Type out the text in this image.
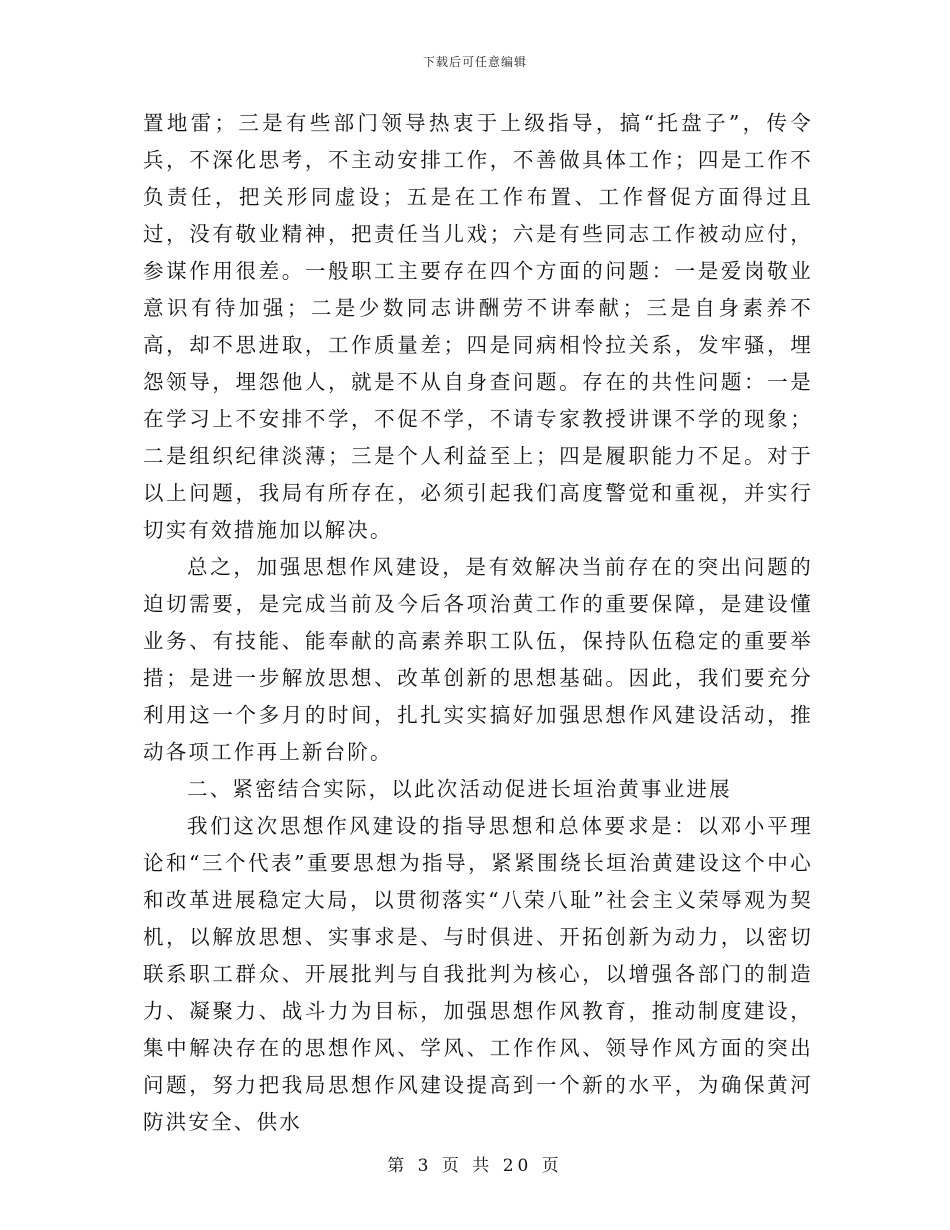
下载后可任意编辑

置地雷；三是有些部门领导热衷于上级指导，搞“托盘子”，传令兵，不深化思考，不主动安排工作，不善做具体工作；四是工作不负责任，把关形同虚设；五是在工作布置、工作督促方面得过且过，没有敬业精神，把责任当儿戏；六是有些同志工作被动应付，参谋作用很差。一般职工主要存在四个方面的问题：一是爱岗敬业意识有待加强；二是少数同志讲酬劳不讲奉献；三是自身素养不高，却不思进取，工作质量差；四是同病相怜拉关系，发牢骚，埋怨领导，埋怨他人，就是不从自身查问题。存在的共性问题：一是在学习上不安排不学，不促不学，不请专家教授讲课不学的现象；二是组织纪律淡薄；三是个人利益至上；四是履职能力不足。对于以上问题，我局有所存在，必须引起我们高度警觉和重视，并实行切实有效措施加以解决。

总之，加强思想作风建设，是有效解决当前存在的突出问题的迫切需要，是完成当前及今后各项治黄工作的重要保障，是建设懂业务、有技能、能奉献的高素养职工队伍，保持队伍稳定的重要举措；是进一步解放思想、改革创新的思想基础。因此，我们要充分利用这一个多月的时间，扎扎实实搞好加强思想作风建设活动，推动各项工作再上新台阶。

二、紧密结合实际，以此次活动促进长垣治黄事业进展

我们这次思想作风建设的指导思想和总体要求是：以邓小平理论和“三个代表”重要思想为指导，紧紧围绕长垣治黄建设这个中心和改革进展稳定大局，以贯彻落实“八荣八耻”社会主义荣辱观为契机，以解放思想、实事求是、与时俱进、开拓创新为动力，以密切联系职工群众、开展批判与自我批判为核心，以增强各部门的制造力、凝聚力、战斗力为目标，加强思想作风教育，推动制度建设，集中解决存在的思想作风、学风、工作作风、领导作风方面的突出问题，努力把我局思想作风建设提高到一个新的水平，为确保黄河防洪安全、供水

第 3 页 共 20 页
